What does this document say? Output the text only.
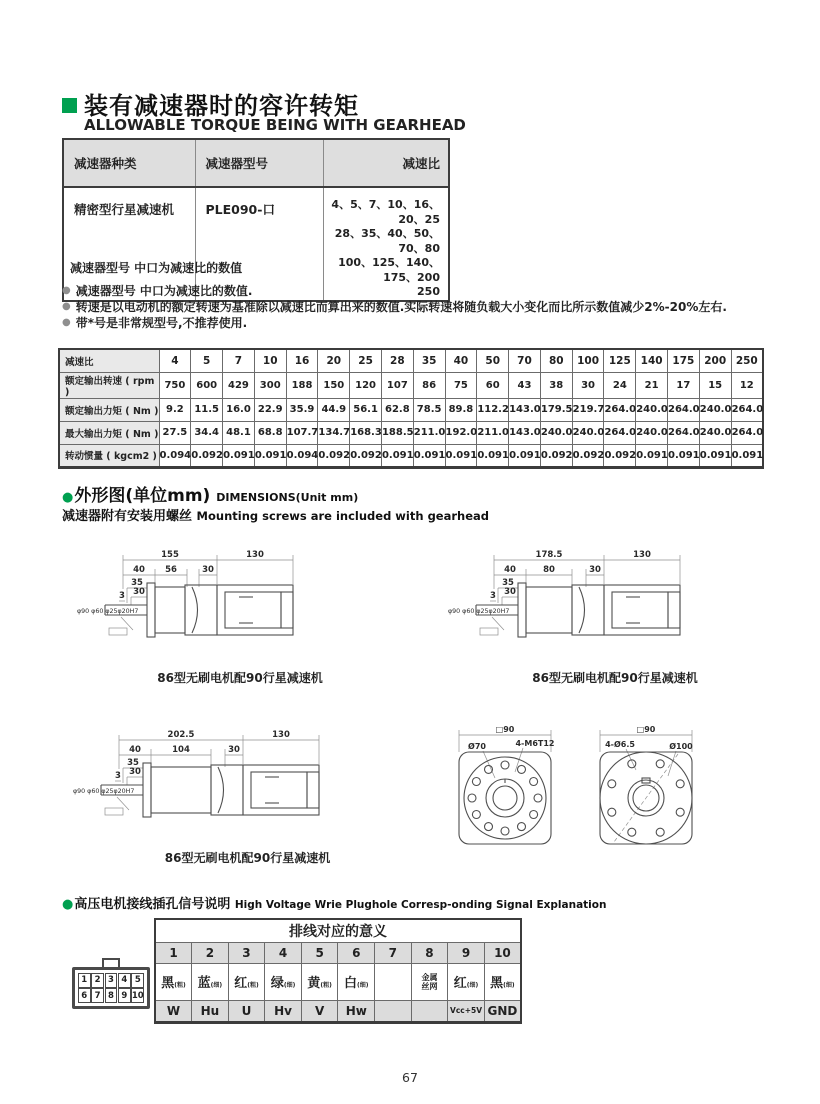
装有减速器时的容许转矩
ALLOWABLE TORQUE BEING WITH GEARHEAD
减速器种类	减速器型号	减速比
精密型行星减速机	PLE090-口	4、5、7、10、16、20、25
28、35、40、50、70、80
100、125、140、175、200
250
减速器型号 中口为减速比的数值
● 减速器型号 中口为减速比的数值.
● 转速是以电动机的额定转速为基准除以减速比而算出来的数值.实际转速将随负载大小变化而比所示数值减少2%-20%左右.
● 带*号是非常规型号,不推荐使用.
减速比	4	5	7	10	16	20	25	28	35	40	50	70	80	100	125	140	175	200	250
额定输出转速 ( rpm )	750	600	429	300	188	150	120	107	86	75	60	43	38	30	24	21	17	15	12
额定输出力矩 ( Nm )	9.2	11.5	16.0	22.9	35.9	44.9	56.1	62.8	78.5	89.8	112.2	143.0	179.5	219.7	264.0	240.0	264.0	240.0	264.0
最大输出力矩 ( Nm )	27.5	34.4	48.1	68.8	107.7	134.7	168.3	188.5	211.0	192.0	211.0	143.0	240.0	240.0	264.0	240.0	264.0	240.0	264.0
转动惯量 ( kgcm2 )	0.094	0.092	0.091	0.091	0.094	0.092	0.092	0.091	0.091	0.091	0.091	0.091	0.092	0.092	0.092	0.091	0.091	0.091	0.091
●外形图(单位mm) DIMENSIONS(Unit mm)
减速器附有安装用螺丝 Mounting screws are included with gearhead
155	130
40 56	30
35
30
3
φ90 φ60 φ25φ20H7
86型无刷电机配90行星减速机
178.5	130
40	80	30
35
30
3
φ90 φ60 φ25φ20H7
86型无刷电机配90行星减速机
202.5	130
40	104	30
35
30
3
φ90 φ60 φ25φ20H7
86型无刷电机配90行星减速机
□90
Ø70	4-M6T12
□90
4-Ø6.5	Ø100
●高压电机接线插孔信号说明 High Voltage Wrie Plughole Corresp-onding Signal Explanation
1 2 3 4 5
6 7 8 9 10
排线对应的意义									
1	2	3	4	5	6	7	8	9	10
黑(粗)	蓝(细)	红(粗)	绿(细)	黄(粗)	白(细)		金属丝网	红(细)	黑(细)
W	Hu	U	Hv	V	Hw			Vcc+5V	GND
67
